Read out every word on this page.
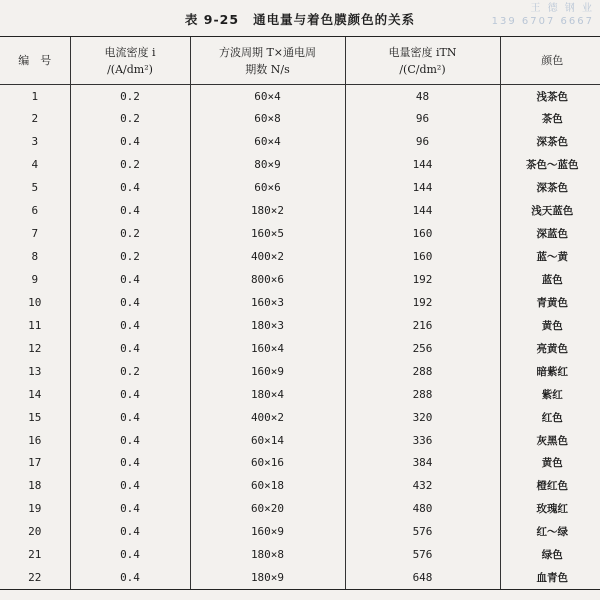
王 德 钢 业
139 6707 6667
表 9-25 通电量与着色膜颜色的关系
编　号	电流密度 i
/(A/dm²)	方波周期 T×通电周
期数 N/s	电量密度 iTN
/(C/dm²)	颜色

1	0.2	60×4	48	浅茶色
2	0.2	60×8	96	茶色
3	0.4	60×4	96	深茶色
4	0.2	80×9	144	茶色～蓝色
5	0.4	60×6	144	深茶色
6	0.4	180×2	144	浅天蓝色
7	0.2	160×5	160	深蓝色
8	0.2	400×2	160	蓝～黄
9	0.4	800×6	192	蓝色
10	0.4	160×3	192	青黄色
11	0.4	180×3	216	黄色
12	0.4	160×4	256	亮黄色
13	0.2	160×9	288	暗紫红
14	0.4	180×4	288	紫红
15	0.4	400×2	320	红色
16	0.4	60×14	336	灰黑色
17	0.4	60×16	384	黄色
18	0.4	60×18	432	橙红色
19	0.4	60×20	480	玫瑰红
20	0.4	160×9	576	红～绿
21	0.4	180×8	576	绿色
22	0.4	180×9	648	血青色
